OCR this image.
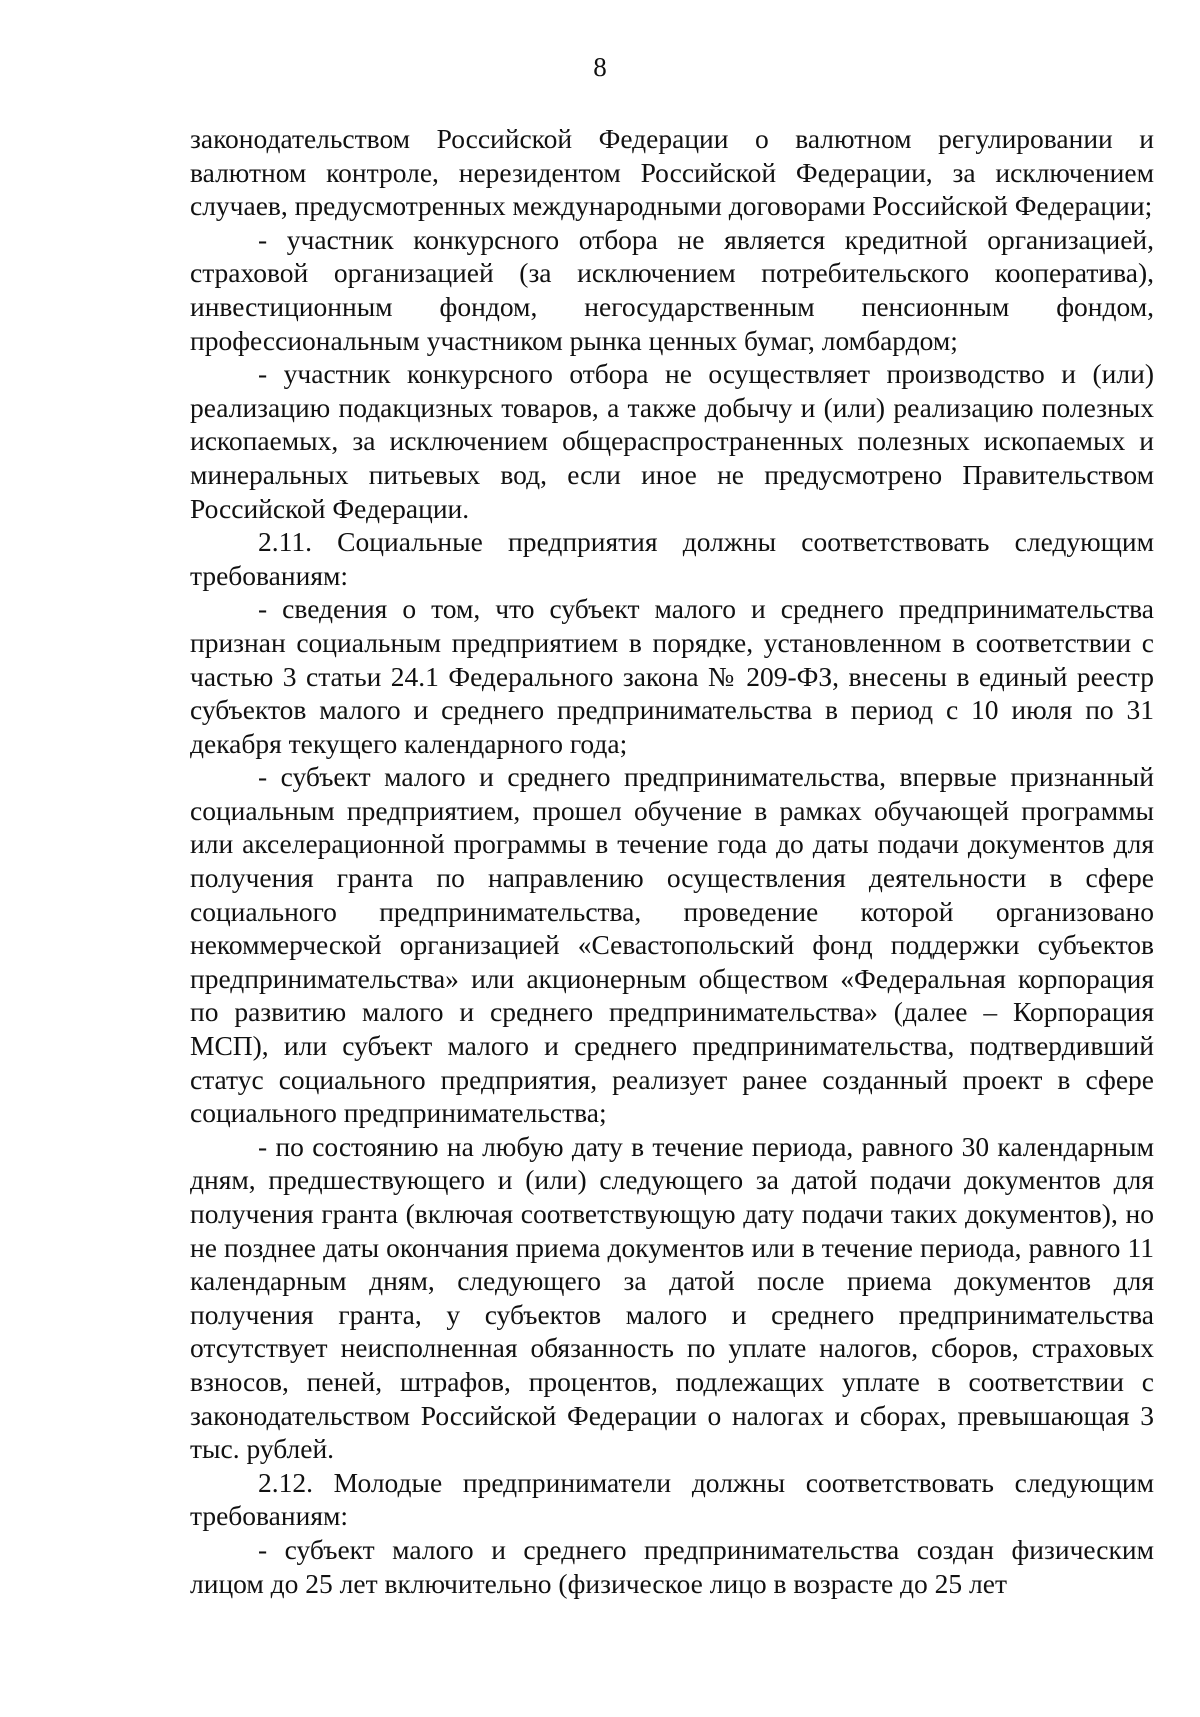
8

законодательством Российской Федерации о валютном регулировании и валютном контроле, нерезидентом Российской Федерации, за исключением случаев, предусмотренных международными договорами Российской Федерации;

- участник конкурсного отбора не является кредитной организацией, страховой организацией (за исключением потребительского кооператива), инвестиционным фондом, негосударственным пенсионным фондом, профессиональным участником рынка ценных бумаг, ломбардом;

- участник конкурсного отбора не осуществляет производство и (или) реализацию подакцизных товаров, а также добычу и (или) реализацию полезных ископаемых, за исключением общераспространенных полезных ископаемых и минеральных питьевых вод, если иное не предусмотрено Правительством Российской Федерации.

2.11. Социальные предприятия должны соответствовать следующим требованиям:

- сведения о том, что субъект малого и среднего предпринимательства признан социальным предприятием в порядке, установленном в соответствии с частью 3 статьи 24.1 Федерального закона № 209-ФЗ, внесены в единый реестр субъектов малого и среднего предпринимательства в период с 10 июля по 31 декабря текущего календарного года;

- субъект малого и среднего предпринимательства, впервые признанный социальным предприятием, прошел обучение в рамках обучающей программы или акселерационной программы в течение года до даты подачи документов для получения гранта по направлению осуществления деятельности в сфере социального предпринимательства, проведение которой организовано некоммерческой организацией «Севастопольский фонд поддержки субъектов предпринимательства» или акционерным обществом «Федеральная корпорация по развитию малого и среднего предпринимательства» (далее – Корпорация МСП), или субъект малого и среднего предпринимательства, подтвердивший статус социального предприятия, реализует ранее созданный проект в сфере социального предпринимательства;

- по состоянию на любую дату в течение периода, равного 30 календарным дням, предшествующего и (или) следующего за датой подачи документов для получения гранта (включая соответствующую дату подачи таких документов), но не позднее даты окончания приема документов или в течение периода, равного 11 календарным дням, следующего за датой после приема документов для получения гранта, у субъектов малого и среднего предпринимательства отсутствует неисполненная обязанность по уплате налогов, сборов, страховых взносов, пеней, штрафов, процентов, подлежащих уплате в соответствии с законодательством Российской Федерации о налогах и сборах, превышающая 3 тыс. рублей.

2.12. Молодые предприниматели должны соответствовать следующим требованиям:

- субъект малого и среднего предпринимательства создан физическим лицом до 25 лет включительно (физическое лицо в возрасте до 25 лет
